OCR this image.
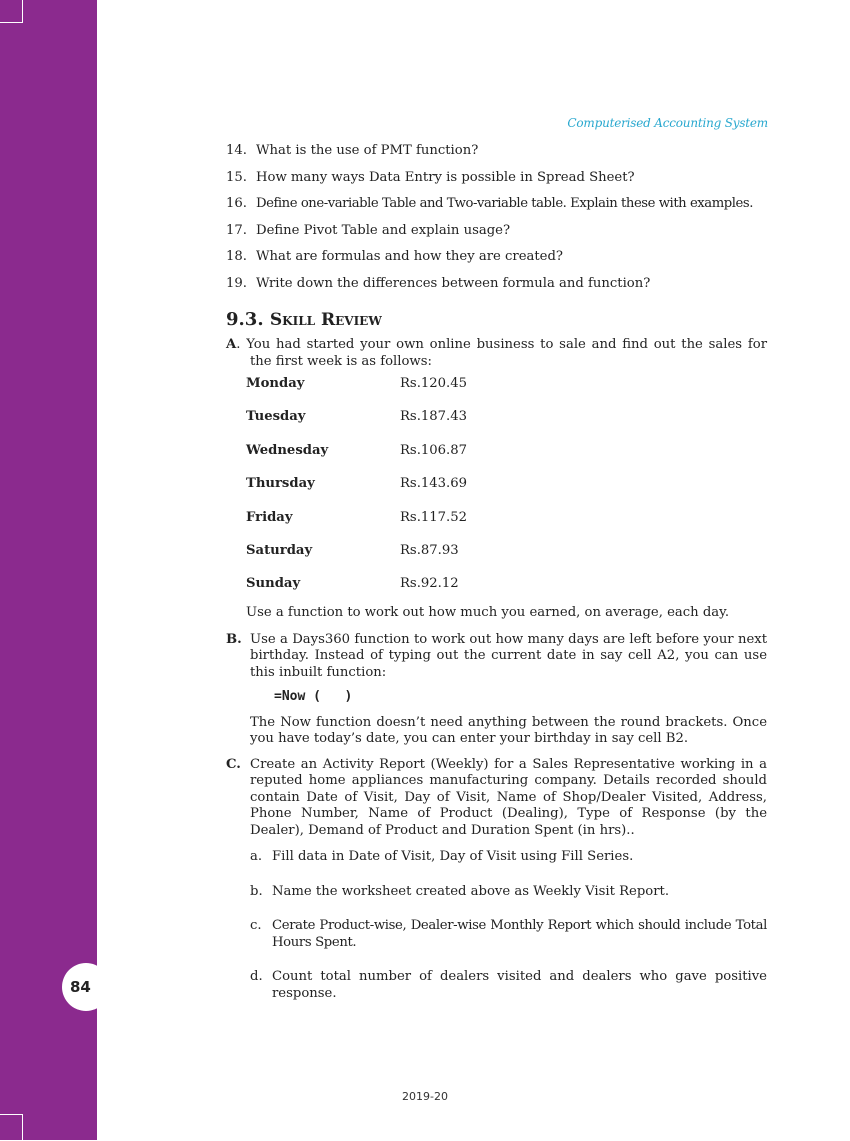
84
Computerised Accounting System
14. What is the use of PMT function?
15. How many ways Data Entry is possible in Spread Sheet?
16. Define one-variable Table and Two-variable table. Explain these with examples.
17. Define Pivot Table and explain usage?
18. What are formulas and how they are created?
19. Write down the differences between formula and function?
9.3. Skill Review
A. You had started your own online business to sale and find out the sales for the first week is as follows:
Monday	Rs.120.45
Tuesday	Rs.187.43
Wednesday	Rs.106.87
Thursday	Rs.143.69
Friday	Rs.117.52
Saturday	Rs.87.93
Sunday	Rs.92.12
Use a function to work out how much you earned, on average, each day.
B. Use a Days360 function to work out how many days are left before your next birthday. Instead of typing out the current date in say cell A2, you can use this inbuilt function:
=Now (   )
The Now function doesn’t need anything between the round brackets. Once you have today’s date, you can enter your birthday in say cell B2.
C. Create an Activity Report (Weekly) for a Sales Representative working in a reputed home appliances manufacturing company. Details recorded should contain Date of Visit, Day of Visit, Name of Shop/Dealer Visited, Address, Phone Number, Name of Product (Dealing), Type of Response (by the Dealer), Demand of Product and Duration Spent (in hrs)..
a. Fill data in Date of Visit, Day of Visit using Fill Series.
b. Name the worksheet created above as Weekly Visit Report.
c. Cerate Product-wise, Dealer-wise Monthly Report which should include Total Hours Spent.
d. Count total number of dealers visited and dealers who gave positive response.
2019-20
